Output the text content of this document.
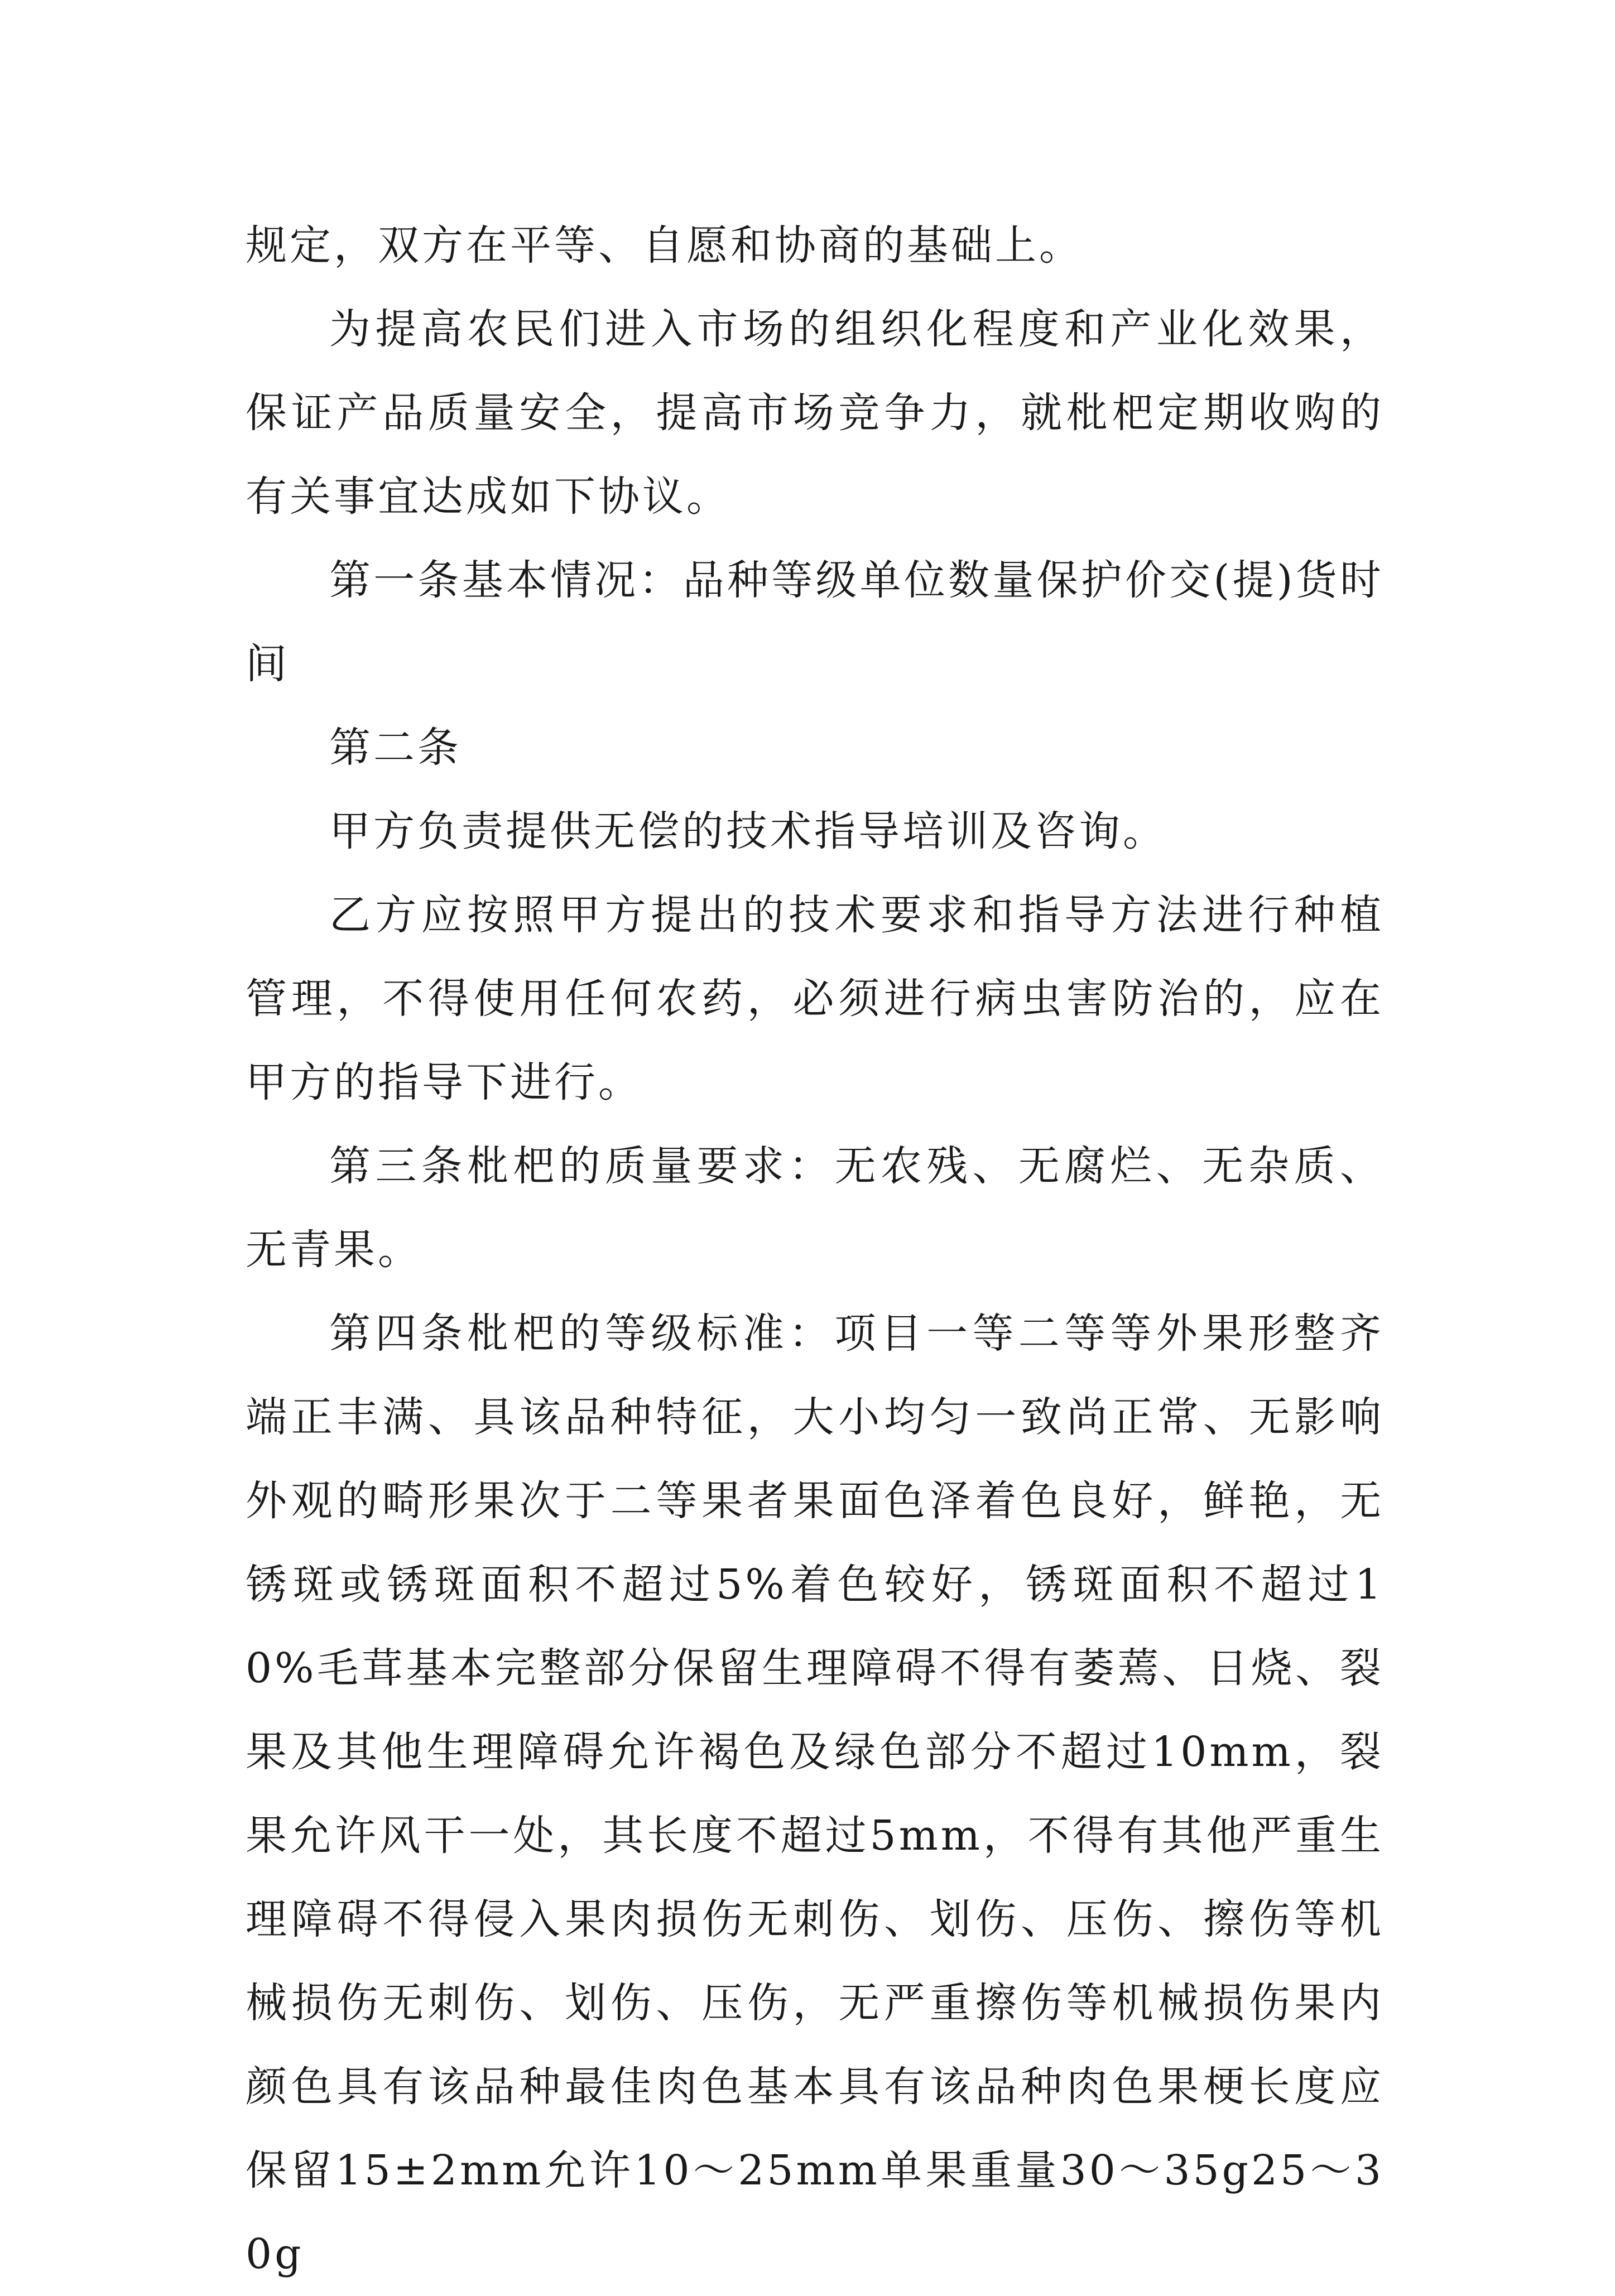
规定，双方在平等、自愿和协商的基础上。

为提高农民们进入市场的组织化程度和产业化效果，保证产品质量安全，提高市场竞争力，就枇杷定期收购的有关事宜达成如下协议。

第一条基本情况：品种等级单位数量保护价交(提)货时间

第二条

甲方负责提供无偿的技术指导培训及咨询。

乙方应按照甲方提出的技术要求和指导方法进行种植管理，不得使用任何农药，必须进行病虫害防治的，应在甲方的指导下进行。

第三条枇杷的质量要求：无农残、无腐烂、无杂质、无青果。

第四条枇杷的等级标准：项目一等二等等外果形整齐端正丰满、具该品种特征，大小均匀一致尚正常、无影响外观的畸形果次于二等果者果面色泽着色良好，鲜艳，无锈斑或锈斑面积不超过5%着色较好，锈斑面积不超过10%毛茸基本完整部分保留生理障碍不得有萎蔫、日烧、裂果及其他生理障碍允许褐色及绿色部分不超过10mm，裂果允许风干一处，其长度不超过5mm，不得有其他严重生理障碍不得侵入果肉损伤无刺伤、划伤、压伤、擦伤等机械损伤无刺伤、划伤、压伤，无严重擦伤等机械损伤果内颜色具有该品种最佳肉色基本具有该品种肉色果梗长度应保留15±2mm允许10～25mm单果重量30～35g25～30g
